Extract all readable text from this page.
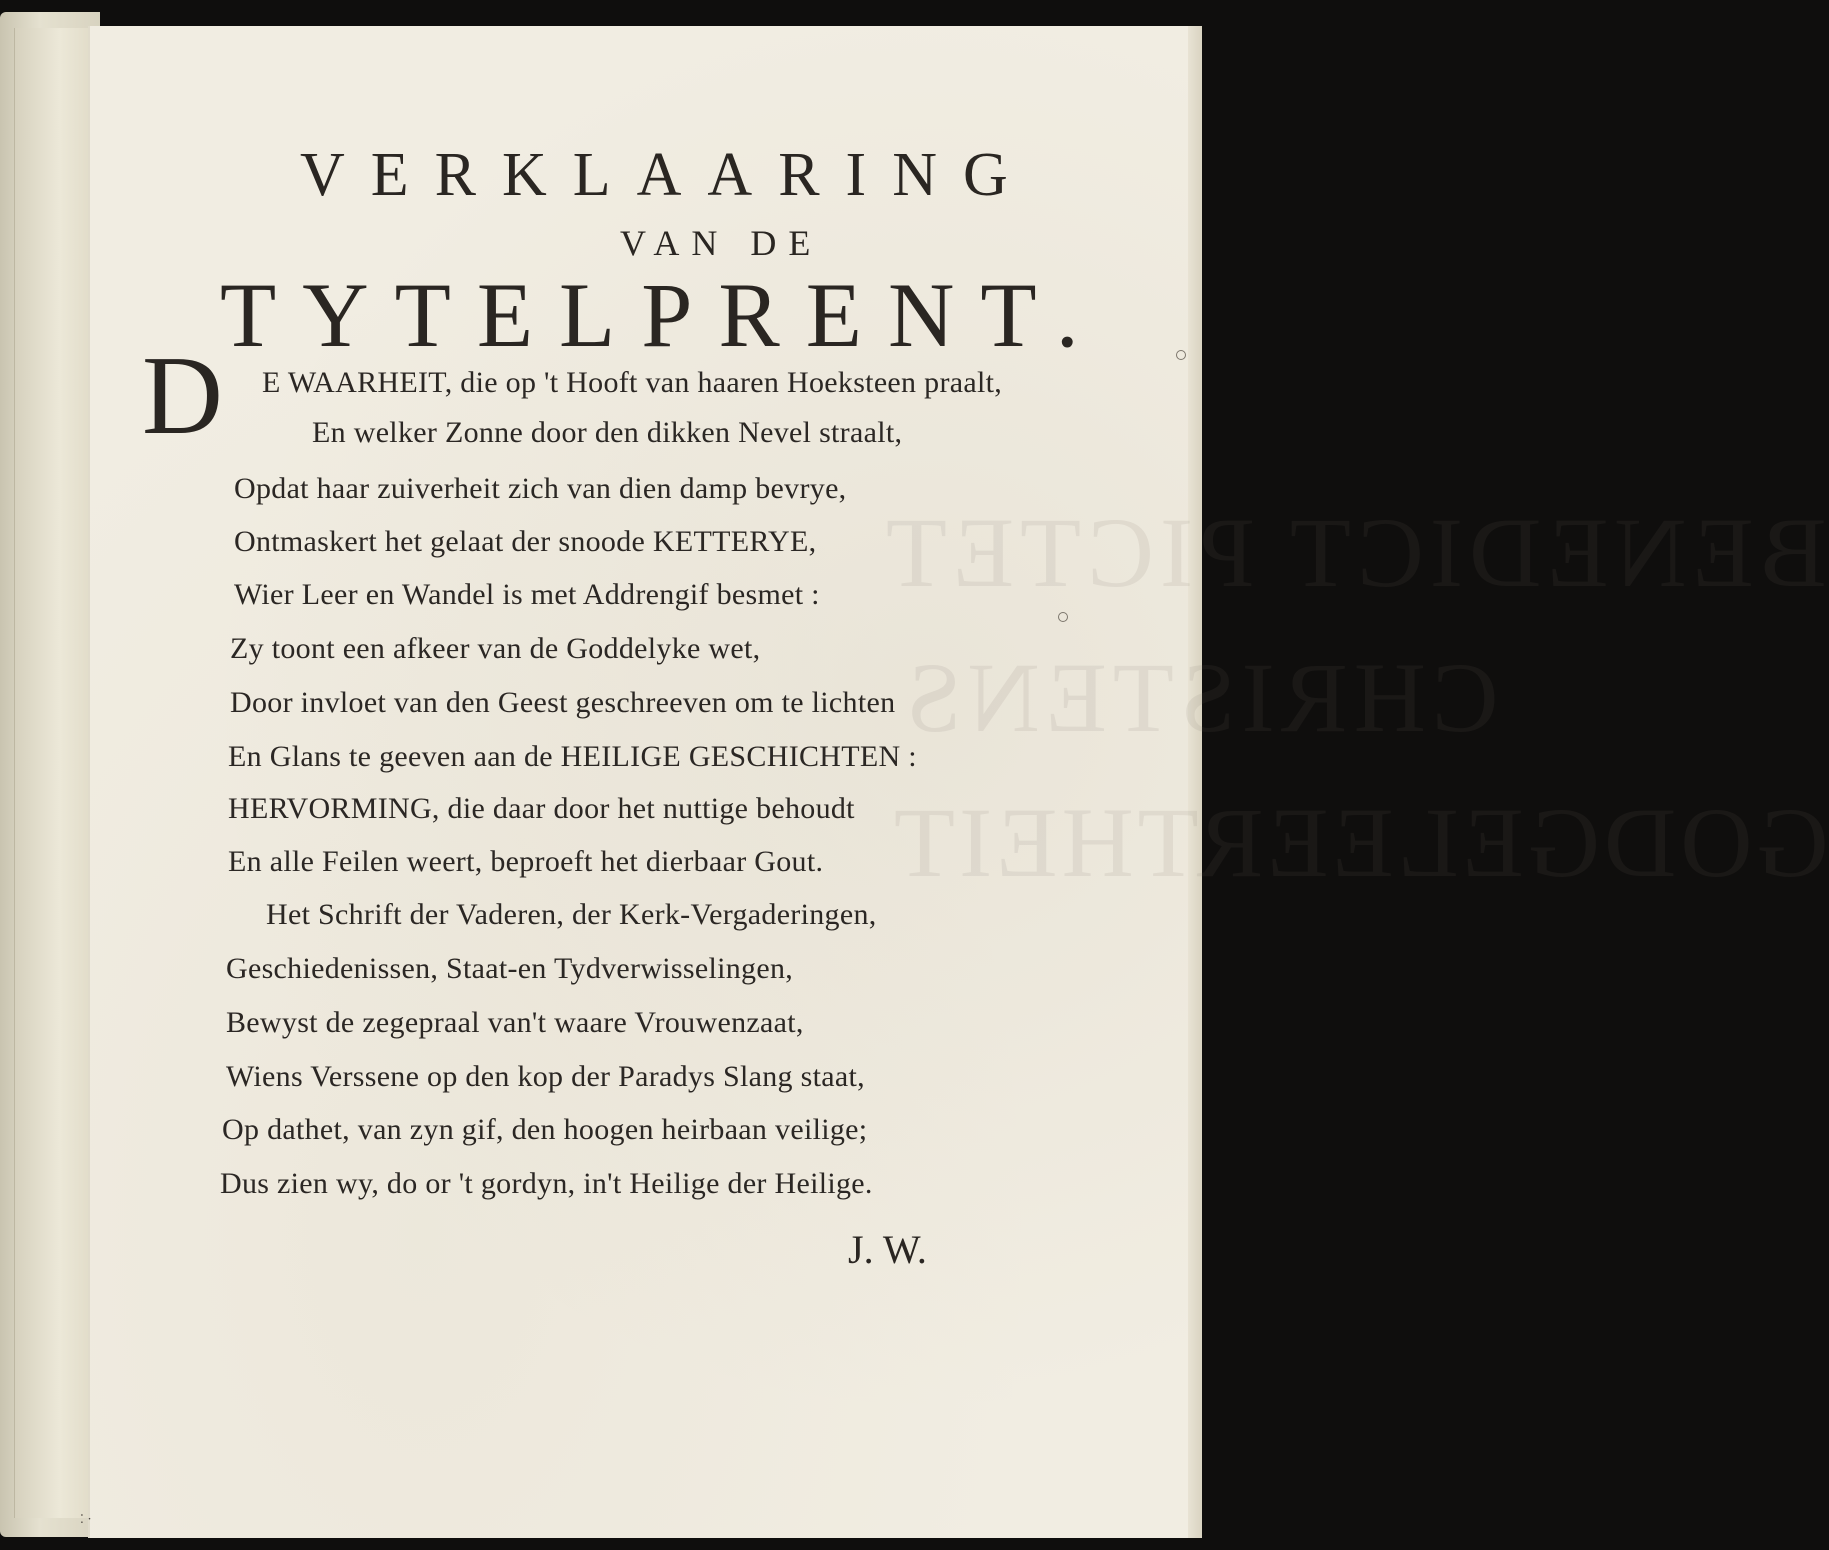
BENEDICT PICTET
CHRISTENS
GODGELEERTHEIT
VERKLAARING
VAN DE
TYTELPRENT.
D E WAARHEIT, die op 't Hooft van haaren Hoeksteen praalt,
En welker Zonne door den dikken Nevel straalt,
Opdat haar zuiverheit zich van dien damp bevrye,
Ontmaskert het gelaat der snoode KETTERYE,
Wier Leer en Wandel is met Addrengif besmet :
Zy toont een afkeer van de Goddelyke wet,
Door invloet van den Geest geschreeven om te lichten
En Glans te geeven aan de HEILIGE GESCHICHTEN :
HERVORMING, die daar door het nuttige behoudt
En alle Feilen weert, beproeft het dierbaar Gout.
Het Schrift der Vaderen, der Kerk-Vergaderingen,
Geschiedenissen, Staat-en Tydverwisselingen,
Bewyst de zegepraal van't waare Vrouwenzaat,
Wiens Verssene op den kop der Paradys Slang staat,
Op dathet, van zyn gif, den hoogen heirbaan veilige;
Dus zien wy, do or 't gordyn, in't Heilige der Heilige.
J. W.
⁚ ·
